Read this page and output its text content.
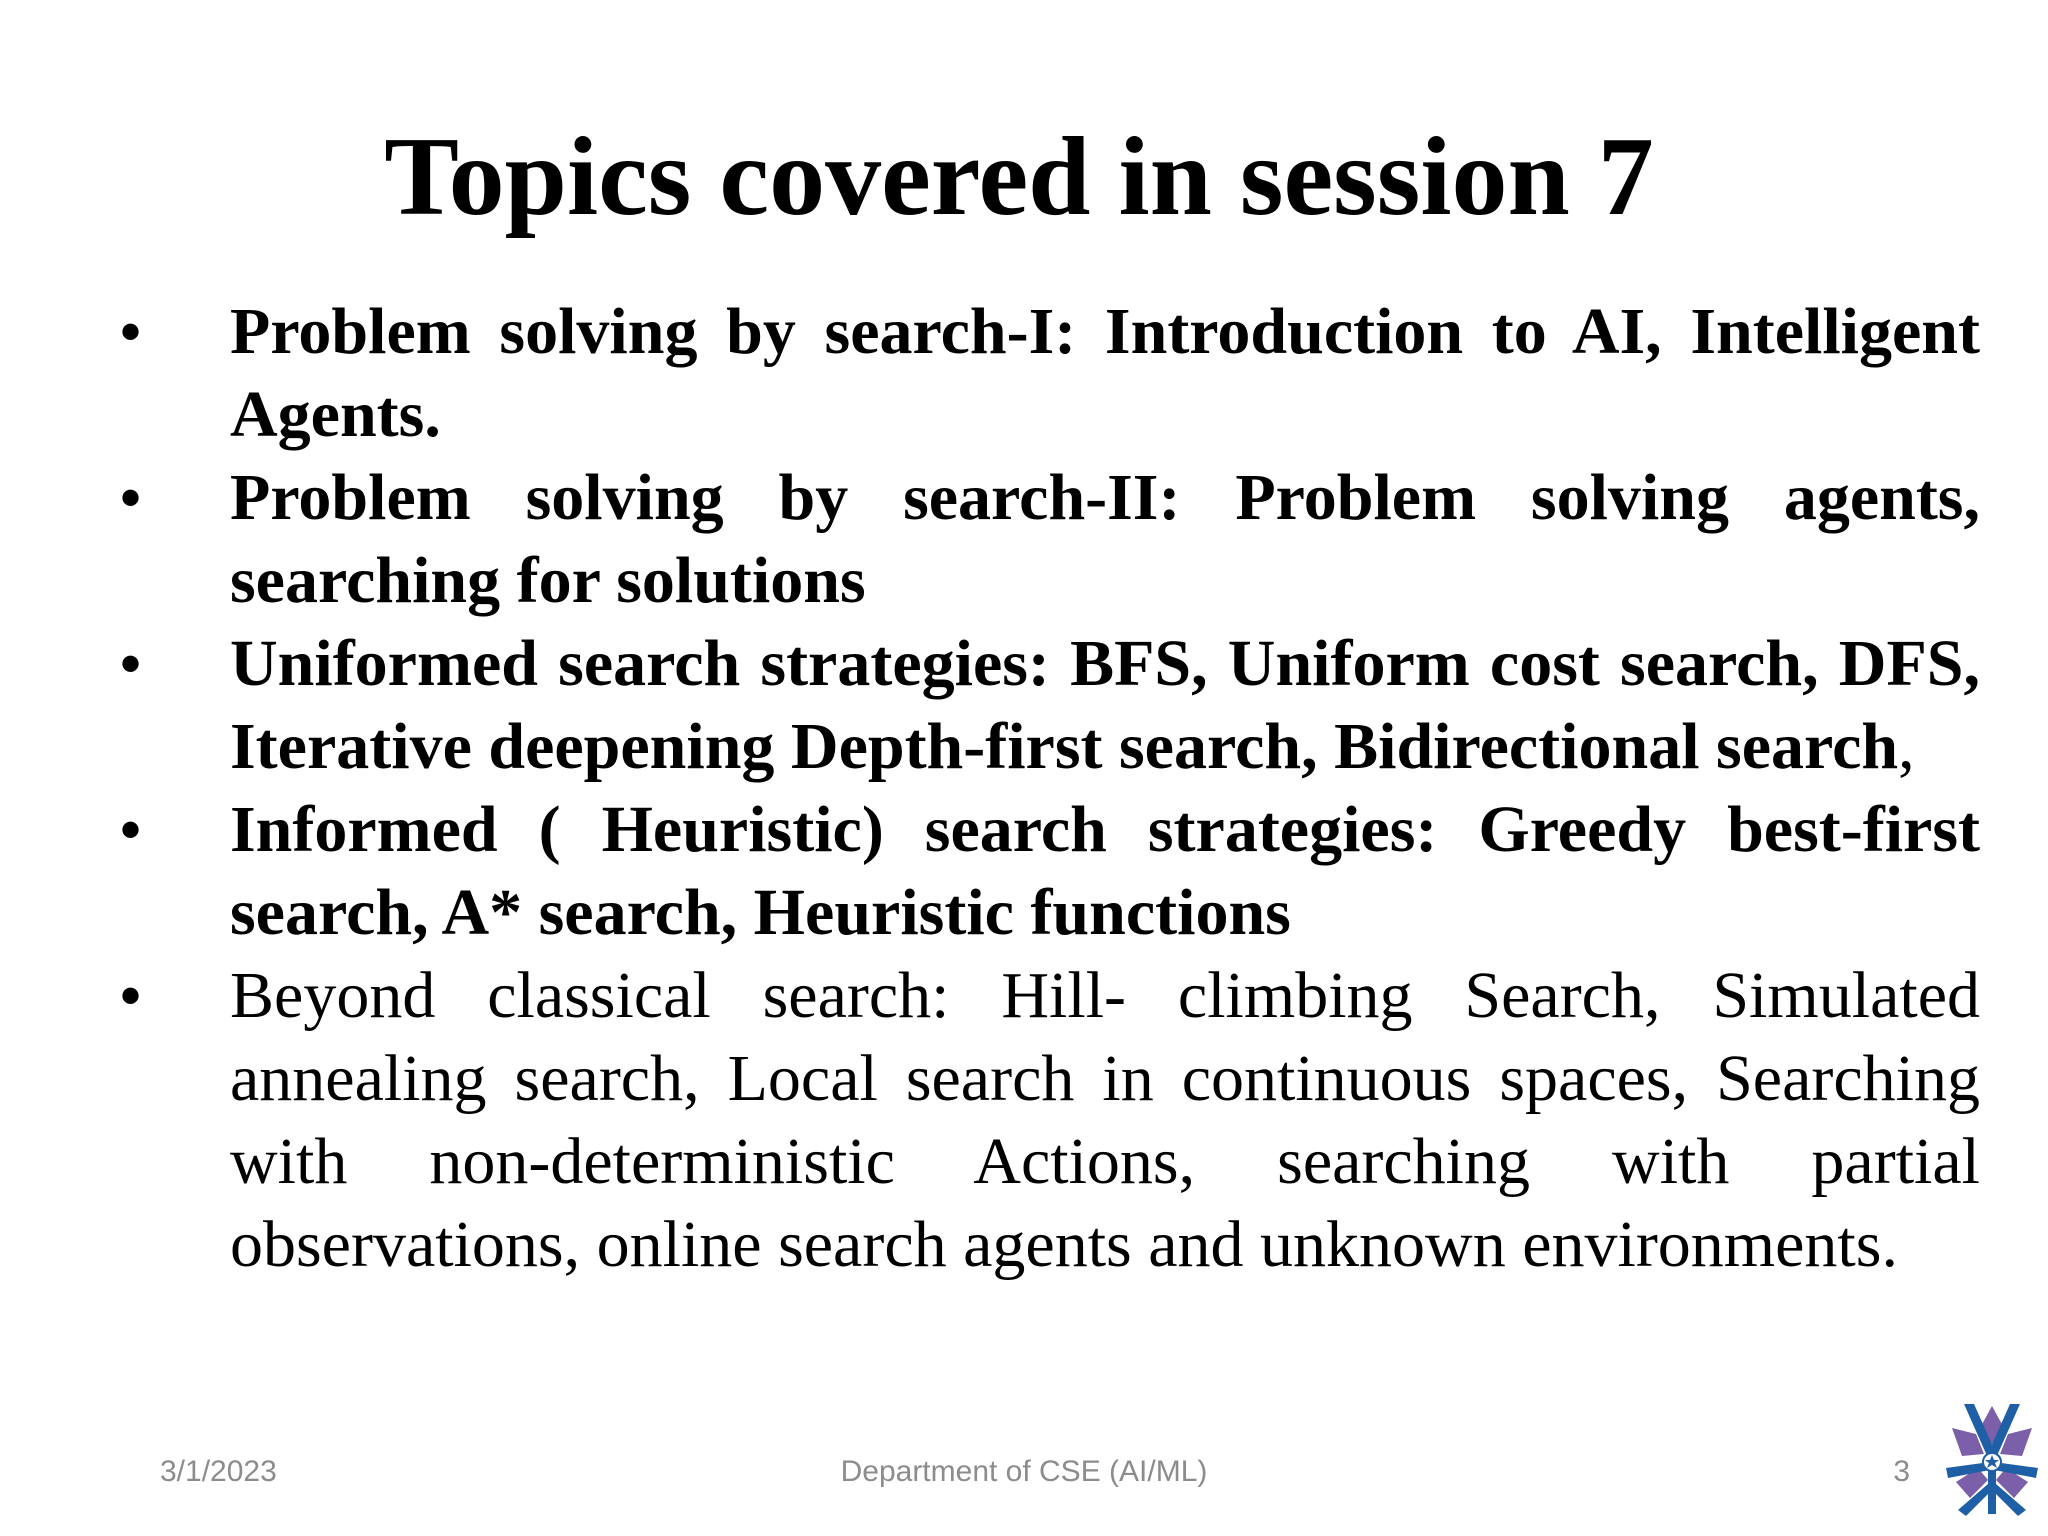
Topics covered in session 7
• Problem solving by search-I: Introduction to AI, Intelligent Agents.
• Problem solving by search-II: Problem solving agents, searching for solutions
• Uniformed search strategies: BFS, Uniform cost search, DFS, Iterative deepening Depth-first search, Bidirectional search,
• Informed ( Heuristic) search strategies: Greedy best-first search, A* search, Heuristic functions
• Beyond classical search: Hill- climbing Search, Simulated annealing search, Local search in continuous spaces, Searching with non-deterministic Actions, searching with partial observations, online search agents and unknown environments.
3/1/2023	Department of CSE (AI/ML)	3
